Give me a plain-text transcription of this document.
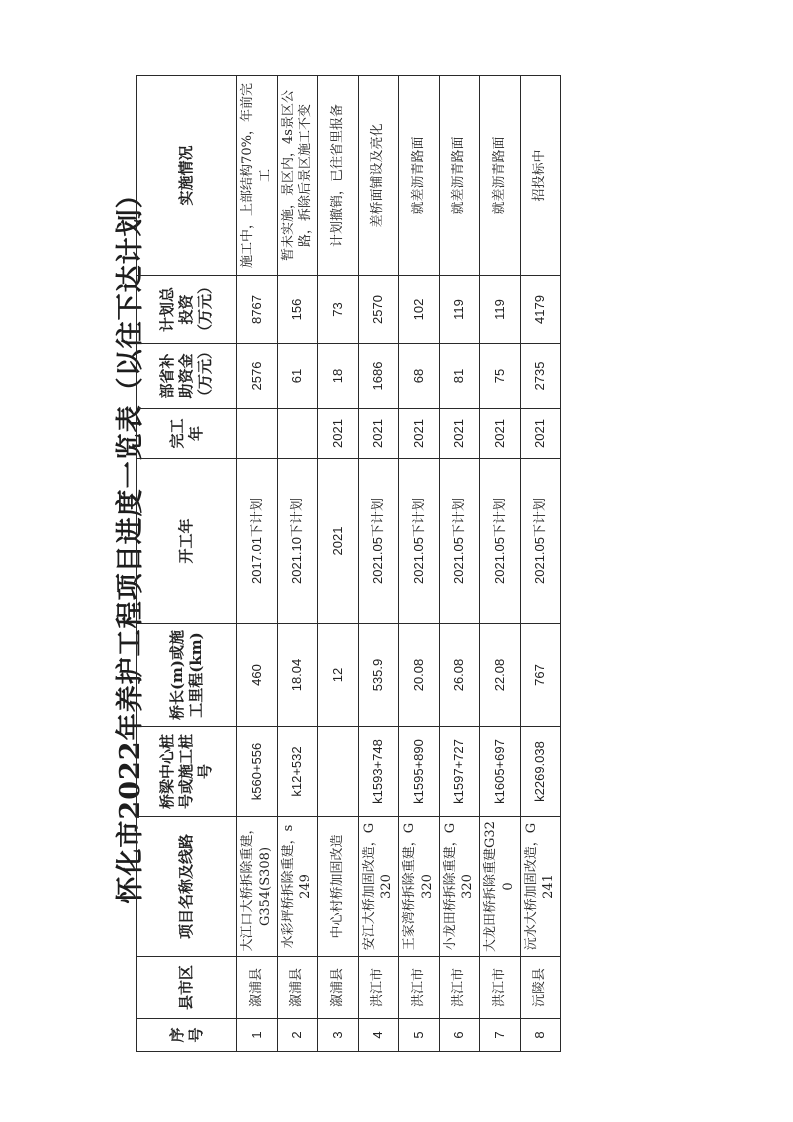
怀化市2022年养护工程项目进度一览表（以往下达计划）
序号	县市区	项目名称及线路	桥梁中心桩号或施工桩号	桥长(m)或施工里程(km)	开工年	完工年	部省补助资金（万元）	计划总投资（万元）	实施情况
1	溆浦县	大江口大桥拆除重建，G354(S308)	k560+556	460	2017.01下计划		2576	8767	施工中，上部结构70%，年前完工
2	溆浦县	水彩坪桥拆除重建，s249	k12+532	18.04	2021.10下计划		61	156	暂未实施，景区内，4s景区公路，拆除后景区施工不变
3	溆浦县	中心村桥加固改造		12	2021	2021	18	73	计划撤销，已往省里报备
4	洪江市	安江大桥加固改造，G320	k1593+748	535.9	2021.05下计划	2021	1686	2570	差桥面铺设及亮化
5	洪江市	王家湾桥拆除重建，G320	k1595+890	20.08	2021.05下计划	2021	68	102	就差沥青路面
6	洪江市	小龙田桥拆除重建，G320	k1597+727	26.08	2021.05下计划	2021	81	119	就差沥青路面
7	洪江市	大龙田桥拆除重建G320	k1605+697	22.08	2021.05下计划	2021	75	119	就差沥青路面
8	沅陵县	沅水大桥加固改造，G241	k2269.038	767	2021.05下计划	2021	2735	4179	招投标中
